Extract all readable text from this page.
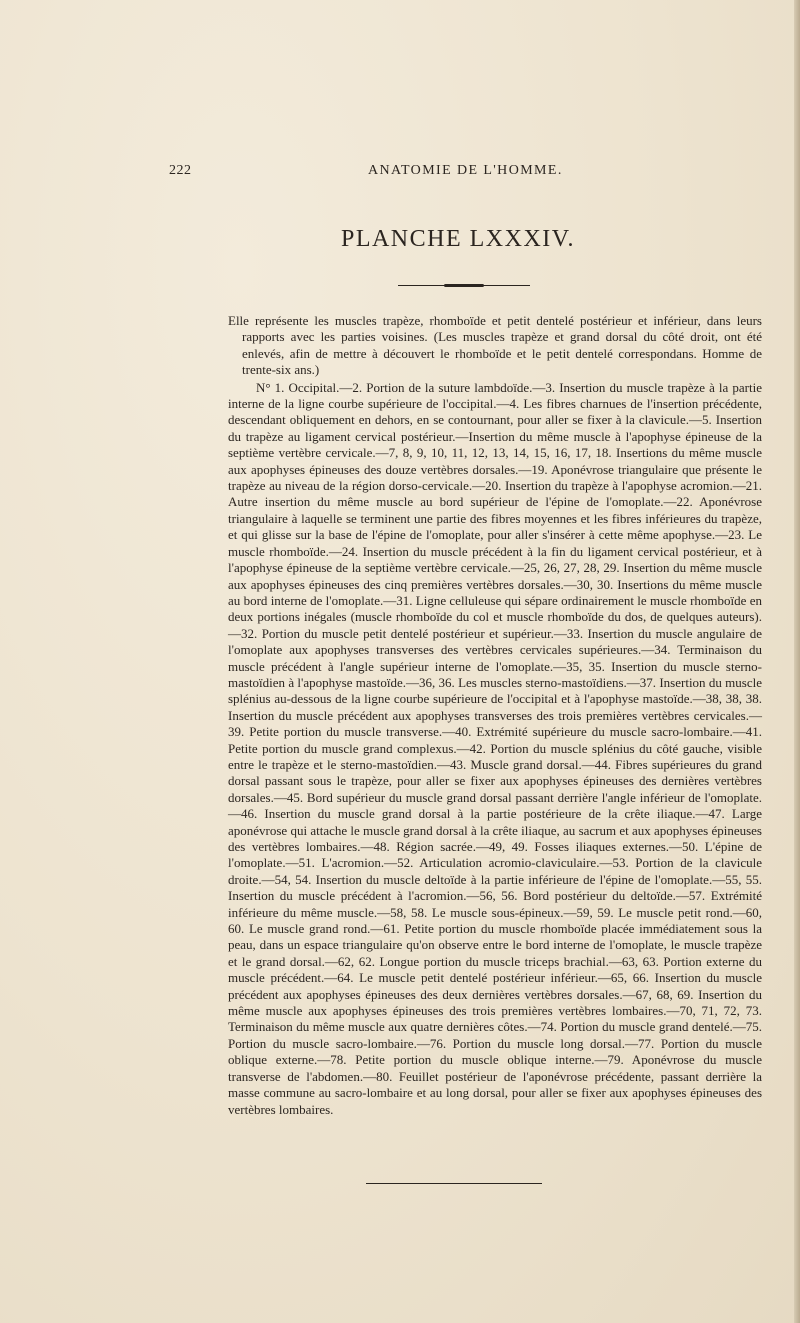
222	ANATOMIE DE L'HOMME.
PLANCHE LXXXIV.

Elle représente les muscles trapèze, rhomboïde et petit dentelé postérieur et inférieur, dans leurs rapports avec les parties voisines. (Les muscles trapèze et grand dorsal du côté droit, ont été enlevés, afin de mettre à découvert le rhomboïde et le petit dentelé correspondans. Homme de trente-six ans.)

N° 1. Occipital.—2. Portion de la suture lambdoïde.—3. Insertion du muscle trapèze à la partie interne de la ligne courbe supérieure de l'occipital.—4. Les fibres charnues de l'insertion précédente, descendant obliquement en dehors, en se contournant, pour aller se fixer à la clavicule.—5. Insertion du trapèze au ligament cervical postérieur.—Insertion du même muscle à l'apophyse épineuse de la septième vertèbre cervicale.—7, 8, 9, 10, 11, 12, 13, 14, 15, 16, 17, 18. Insertions du même muscle aux apophyses épineuses des douze vertèbres dorsales.—19. Aponévrose triangulaire que présente le trapèze au niveau de la région dorso-cervicale.—20. Insertion du trapèze à l'apophyse acromion.—21. Autre insertion du même muscle au bord supérieur de l'épine de l'omoplate.—22. Aponévrose triangulaire à laquelle se terminent une partie des fibres moyennes et les fibres inférieures du trapèze, et qui glisse sur la base de l'épine de l'omoplate, pour aller s'insérer à cette même apophyse.—23. Le muscle rhomboïde.—24. Insertion du muscle précédent à la fin du ligament cervical postérieur, et à l'apophyse épineuse de la septième vertèbre cervicale.—25, 26, 27, 28, 29. Insertion du même muscle aux apophyses épineuses des cinq premières vertèbres dorsales.—30, 30. Insertions du même muscle au bord interne de l'omoplate.—31. Ligne celluleuse qui sépare ordinairement le muscle rhomboïde en deux portions inégales (muscle rhomboïde du col et muscle rhomboïde du dos, de quelques auteurs).—32. Portion du muscle petit dentelé postérieur et supérieur.—33. Insertion du muscle angulaire de l'omoplate aux apophyses transverses des vertèbres cervicales supérieures.—34. Terminaison du muscle précédent à l'angle supérieur interne de l'omoplate.—35, 35. Insertion du muscle sterno-mastoïdien à l'apophyse mastoïde.—36, 36. Les muscles sterno-mastoïdiens.—37. Insertion du muscle splénius au-dessous de la ligne courbe supérieure de l'occipital et à l'apophyse mastoïde.—38, 38, 38. Insertion du muscle précédent aux apophyses transverses des trois premières vertèbres cervicales.—39. Petite portion du muscle transverse.—40. Extrémité supérieure du muscle sacro-lombaire.—41. Petite portion du muscle grand complexus.—42. Portion du muscle splénius du côté gauche, visible entre le trapèze et le sterno-mastoïdien.—43. Muscle grand dorsal.—44. Fibres supérieures du grand dorsal passant sous le trapèze, pour aller se fixer aux apophyses épineuses des dernières vertèbres dorsales.—45. Bord supérieur du muscle grand dorsal passant derrière l'angle inférieur de l'omoplate.—46. Insertion du muscle grand dorsal à la partie postérieure de la crête iliaque.—47. Large aponévrose qui attache le muscle grand dorsal à la crête iliaque, au sacrum et aux apophyses épineuses des vertèbres lombaires.—48. Région sacrée.—49, 49. Fosses iliaques externes.—50. L'épine de l'omoplate.—51. L'acromion.—52. Articulation acromio-claviculaire.—53. Portion de la clavicule droite.—54, 54. Insertion du muscle deltoïde à la partie inférieure de l'épine de l'omoplate.—55, 55. Insertion du muscle précédent à l'acromion.—56, 56. Bord postérieur du deltoïde.—57. Extrémité inférieure du même muscle.—58, 58. Le muscle sous-épineux.—59, 59. Le muscle petit rond.—60, 60. Le muscle grand rond.—61. Petite portion du muscle rhomboïde placée immédiatement sous la peau, dans un espace triangulaire qu'on observe entre le bord interne de l'omoplate, le muscle trapèze et le grand dorsal.—62, 62. Longue portion du muscle triceps brachial.—63, 63. Portion externe du muscle précédent.—64. Le muscle petit dentelé postérieur inférieur.—65, 66. Insertion du muscle précédent aux apophyses épineuses des deux dernières vertèbres dorsales.—67, 68, 69. Insertion du même muscle aux apophyses épineuses des trois premières vertèbres lombaires.—70, 71, 72, 73. Terminaison du même muscle aux quatre dernières côtes.—74. Portion du muscle grand dentelé.—75. Portion du muscle sacro-lombaire.—76. Portion du muscle long dorsal.—77. Portion du muscle oblique externe.—78. Petite portion du muscle oblique interne.—79. Aponévrose du muscle transverse de l'abdomen.—80. Feuillet postérieur de l'aponévrose précédente, passant derrière la masse commune au sacro-lombaire et au long dorsal, pour aller se fixer aux apophyses épineuses des vertèbres lombaires.
